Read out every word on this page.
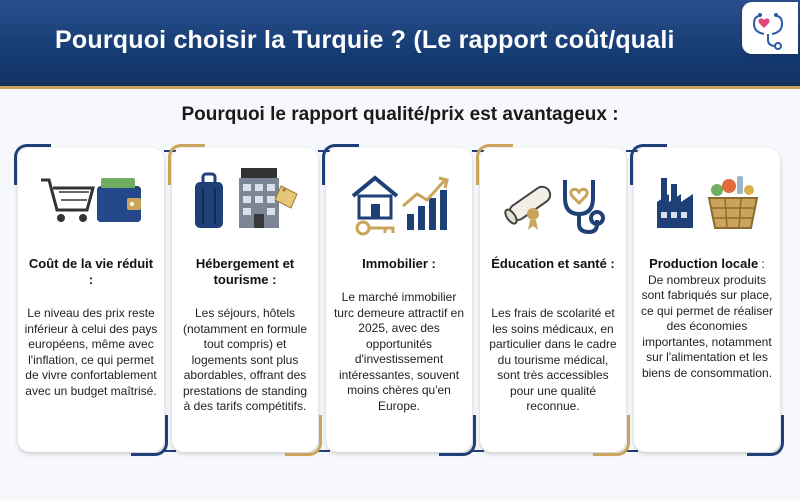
Pourquoi choisir la Turquie ? (Le rapport coût/quali
Pourquoi le rapport qualité/prix est avantageux :
Coût de la vie réduit :
Le niveau des prix reste inférieur à celui des pays européens, même avec l'inflation, ce qui permet de vivre confortablement avec un budget maîtrisé.
Hébergement et tourisme :
Les séjours, hôtels (notamment en formule tout compris) et logements sont plus abordables, offrant des prestations de standing à des tarifs compétitifs.
Immobilier :
Le marché immobilier turc demeure attractif en 2025, avec des opportunités d'investissement intéressantes, souvent moins chères qu'en Europe.
Éducation et santé :
Les frais de scolarité et les soins médicaux, en particulier dans le cadre du tourisme médical, sont très accessibles pour une qualité reconnue.
Production locale : De nombreux produits sont fabriqués sur place, ce qui permet de réaliser des économies importantes, notamment sur l'alimentation et les biens de consommation.
